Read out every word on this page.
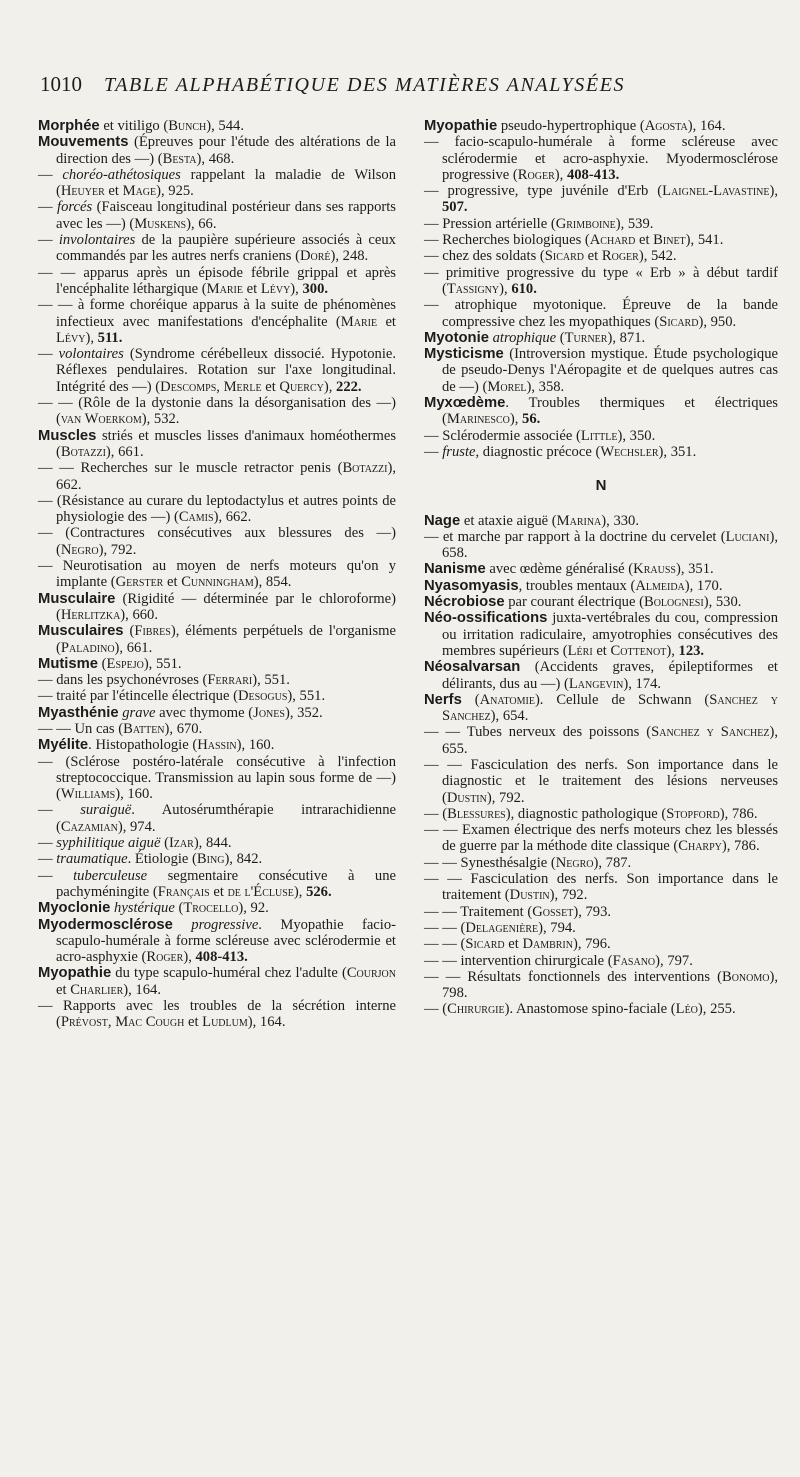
1010 TABLE ALPHABÉTIQUE DES MATIÈRES ANALYSÉES

Morphée et vitiligo (Bunch), 544.

Mouvements (Épreuves pour l'étude des altérations de la direction des —) (Besta), 468.

— choréo-athétosiques rappelant la maladie de Wilson (Heuyer et Mage), 925.

— forcés (Faisceau longitudinal postérieur dans ses rapports avec les —) (Muskens), 66.

— involontaires de la paupière supérieure associés à ceux commandés par les autres nerfs craniens (Doré), 248.

— — apparus après un épisode fébrile grippal et après l'encéphalite léthargique (Marie et Lévy), 300.

— — à forme choréique apparus à la suite de phénomènes infectieux avec manifestations d'encéphalite (Marie et Lévy), 511.

— volontaires (Syndrome cérébelleux dissocié. Hypotonie. Réflexes pendulaires. Rotation sur l'axe longitudinal. Intégrité des —) (Descomps, Merle et Quercy), 222.

— — (Rôle de la dystonie dans la désorganisation des —) (van Woerkom), 532.

Muscles striés et muscles lisses d'animaux homéothermes (Botazzi), 661.

— — Recherches sur le muscle retractor penis (Botazzi), 662.

— (Résistance au curare du leptodactylus et autres points de physiologie des —) (Camis), 662.

— (Contractures consécutives aux blessures des —) (Negro), 792.

— Neurotisation au moyen de nerfs moteurs qu'on y implante (Gerster et Cunningham), 854.

Musculaire (Rigidité — déterminée par le chloroforme) (Herlitzka), 660.

Musculaires (Fibres), éléments perpétuels de l'organisme (Paladino), 661.

Mutisme (Espejo), 551.

— dans les psychonévroses (Ferrari), 551.

— traité par l'étincelle électrique (Desogus), 551.

Myasthénie grave avec thymome (Jones), 352.

— — Un cas (Batten), 670.

Myélite. Histopathologie (Hassin), 160.

— (Sclérose postéro-latérale consécutive à l'infection streptococcique. Transmission au lapin sous forme de —) (Williams), 160.

— suraiguë. Autosérumthérapie intrarachidienne (Cazamian), 974.

— syphilitique aiguë (Izar), 844.

— traumatique. Étiologie (Bing), 842.

— tuberculeuse segmentaire consécutive à une pachyméningite (Français et de l'Écluse), 526.

Myoclonie hystérique (Trocello), 92.

Myodermosclérose progressive. Myopathie facio-scapulo-humérale à forme scléreuse avec sclérodermie et acro-asphyxie (Roger), 408-413.

Myopathie du type scapulo-huméral chez l'adulte (Courjon et Charlier), 164.

— Rapports avec les troubles de la sécrétion interne (Prévost, Mac Cough et Ludlum), 164.

Myopathie pseudo-hypertrophique (Agosta), 164.

— facio-scapulo-humérale à forme scléreuse avec sclérodermie et acro-asphyxie. Myodermosclérose progressive (Roger), 408-413.

— progressive, type juvénile d'Erb (Laignel-Lavastine), 507.

— Pression artérielle (Grimboine), 539.

— Recherches biologiques (Achard et Binet), 541.

— chez des soldats (Sicard et Roger), 542.

— primitive progressive du type « Erb » à début tardif (Tassigny), 610.

— atrophique myotonique. Épreuve de la bande compressive chez les myopathiques (Sicard), 950.

Myotonie atrophique (Turner), 871.

Mysticisme (Introversion mystique. Étude psychologique de pseudo-Denys l'Aéropagite et de quelques autres cas de —) (Morel), 358.

Myxœdème. Troubles thermiques et électriques (Marinesco), 56.

— Sclérodermie associée (Little), 350.

— fruste, diagnostic précoce (Wechsler), 351.

N

Nage et ataxie aiguë (Marina), 330.

— et marche par rapport à la doctrine du cervelet (Luciani), 658.

Nanisme avec œdème généralisé (Krauss), 351.

Nyasomyasis, troubles mentaux (Almeida), 170.

Nécrobiose par courant électrique (Bolognesi), 530.

Néo-ossifications juxta-vertébrales du cou, compression ou irritation radiculaire, amyotrophies consécutives des membres supérieurs (Léri et Cottenot), 123.

Néosalvarsan (Accidents graves, épileptiformes et délirants, dus au —) (Langevin), 174.

Nerfs (Anatomie). Cellule de Schwann (Sanchez y Sanchez), 654.

— — Tubes nerveux des poissons (Sanchez y Sanchez), 655.

— — Fasciculation des nerfs. Son importance dans le diagnostic et le traitement des lésions nerveuses (Dustin), 792.

— (Blessures), diagnostic pathologique (Stopford), 786.

— — Examen électrique des nerfs moteurs chez les blessés de guerre par la méthode dite classique (Charpy), 786.

— — Synesthésalgie (Negro), 787.

— — Fasciculation des nerfs. Son importance dans le traitement (Dustin), 792.

— — Traitement (Gosset), 793.

— — (Delagenière), 794.

— — (Sicard et Dambrin), 796.

— — intervention chirurgicale (Fasano), 797.

— — Résultats fonctionnels des interventions (Bonomo), 798.

— (Chirurgie). Anastomose spino-faciale (Léo), 255.
